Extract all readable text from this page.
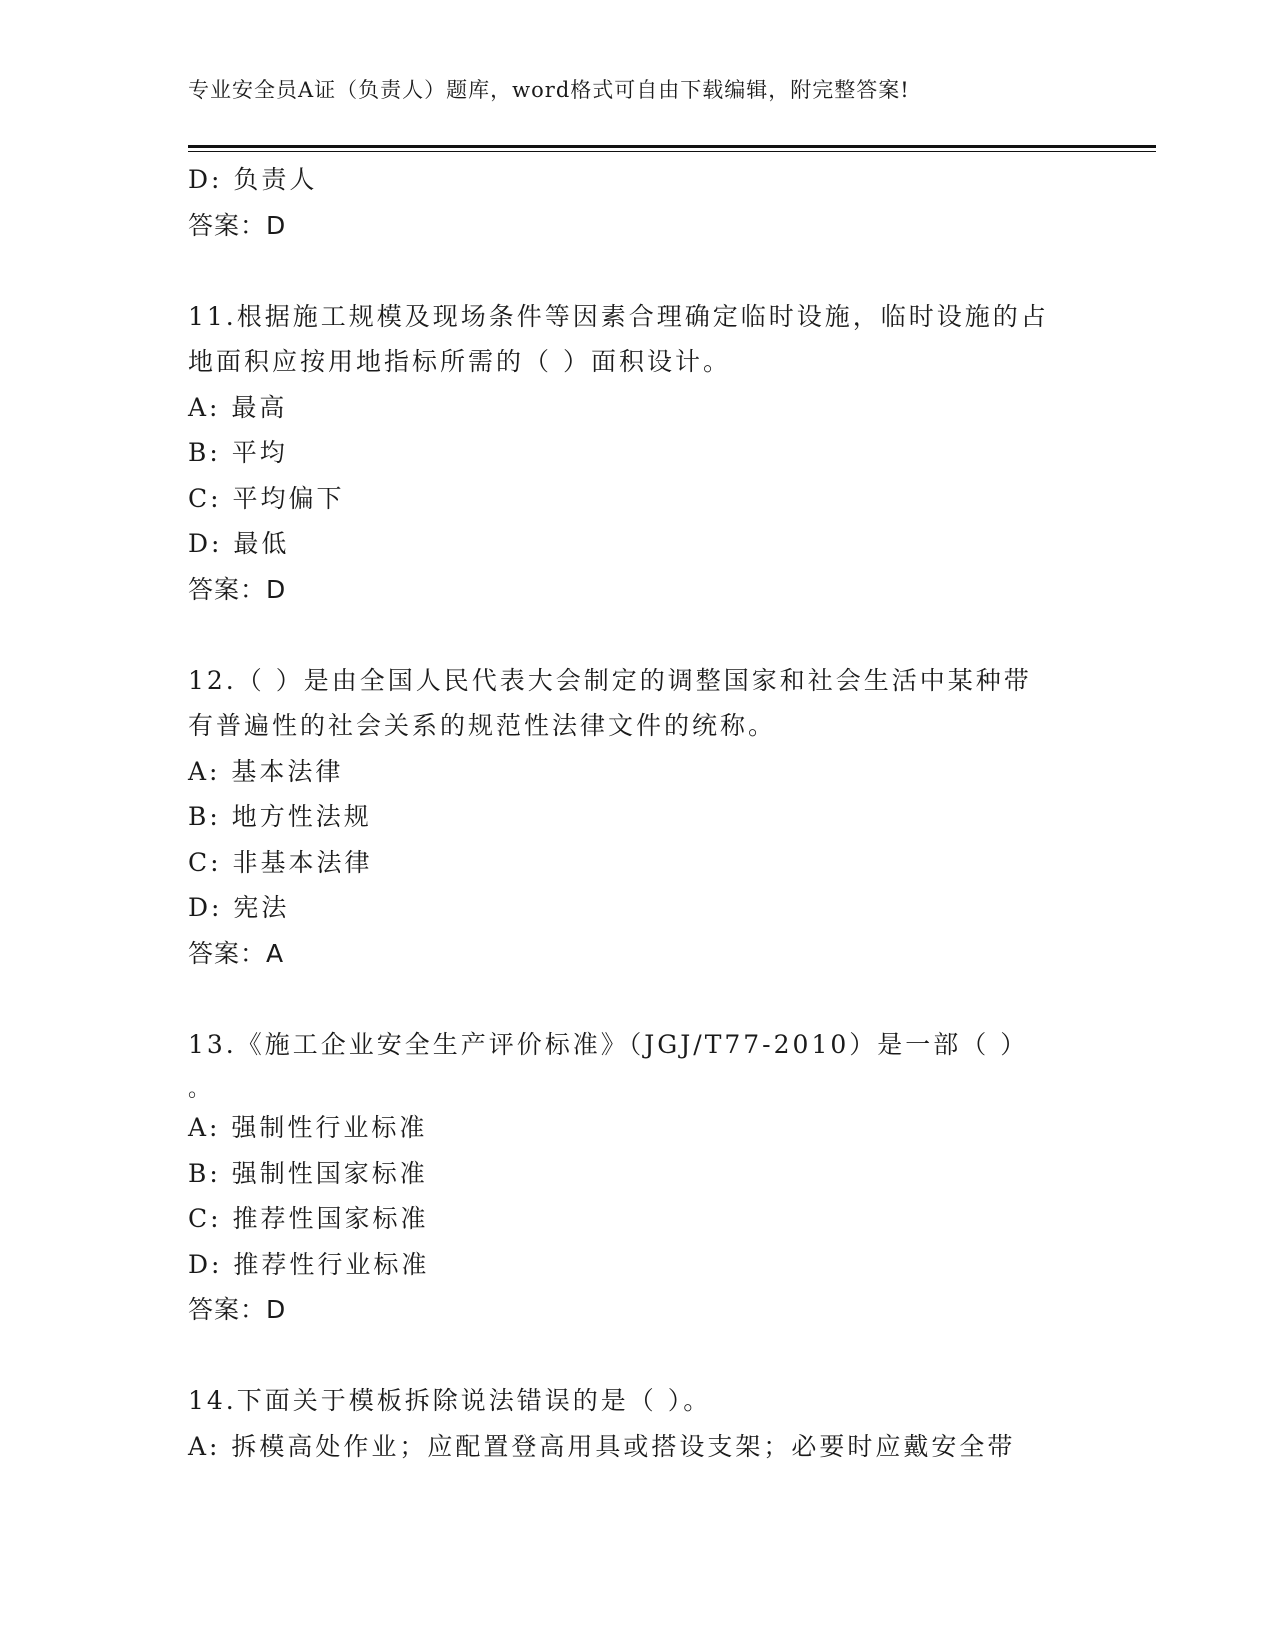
专业安全员A证（负责人）题库，word格式可自由下载编辑，附完整答案!
D: 负责人
答案：D
11.根据施工规模及现场条件等因素合理确定临时设施，临时设施的占
地面积应按用地指标所需的（ ）面积设计。
A: 最高
B: 平均
C: 平均偏下
D: 最低
答案：D
12.（ ）是由全国人民代表大会制定的调整国家和社会生活中某种带
有普遍性的社会关系的规范性法律文件的统称。
A: 基本法律
B: 地方性法规
C: 非基本法律
D: 宪法
答案：A
13.《施工企业安全生产评价标准》（JGJ/T77-2010）是一部（ ）
。
A: 强制性行业标准
B: 强制性国家标准
C: 推荐性国家标准
D: 推荐性行业标准
答案：D
14.下面关于模板拆除说法错误的是（ ）。
A: 拆模高处作业；应配置登高用具或搭设支架；必要时应戴安全带
